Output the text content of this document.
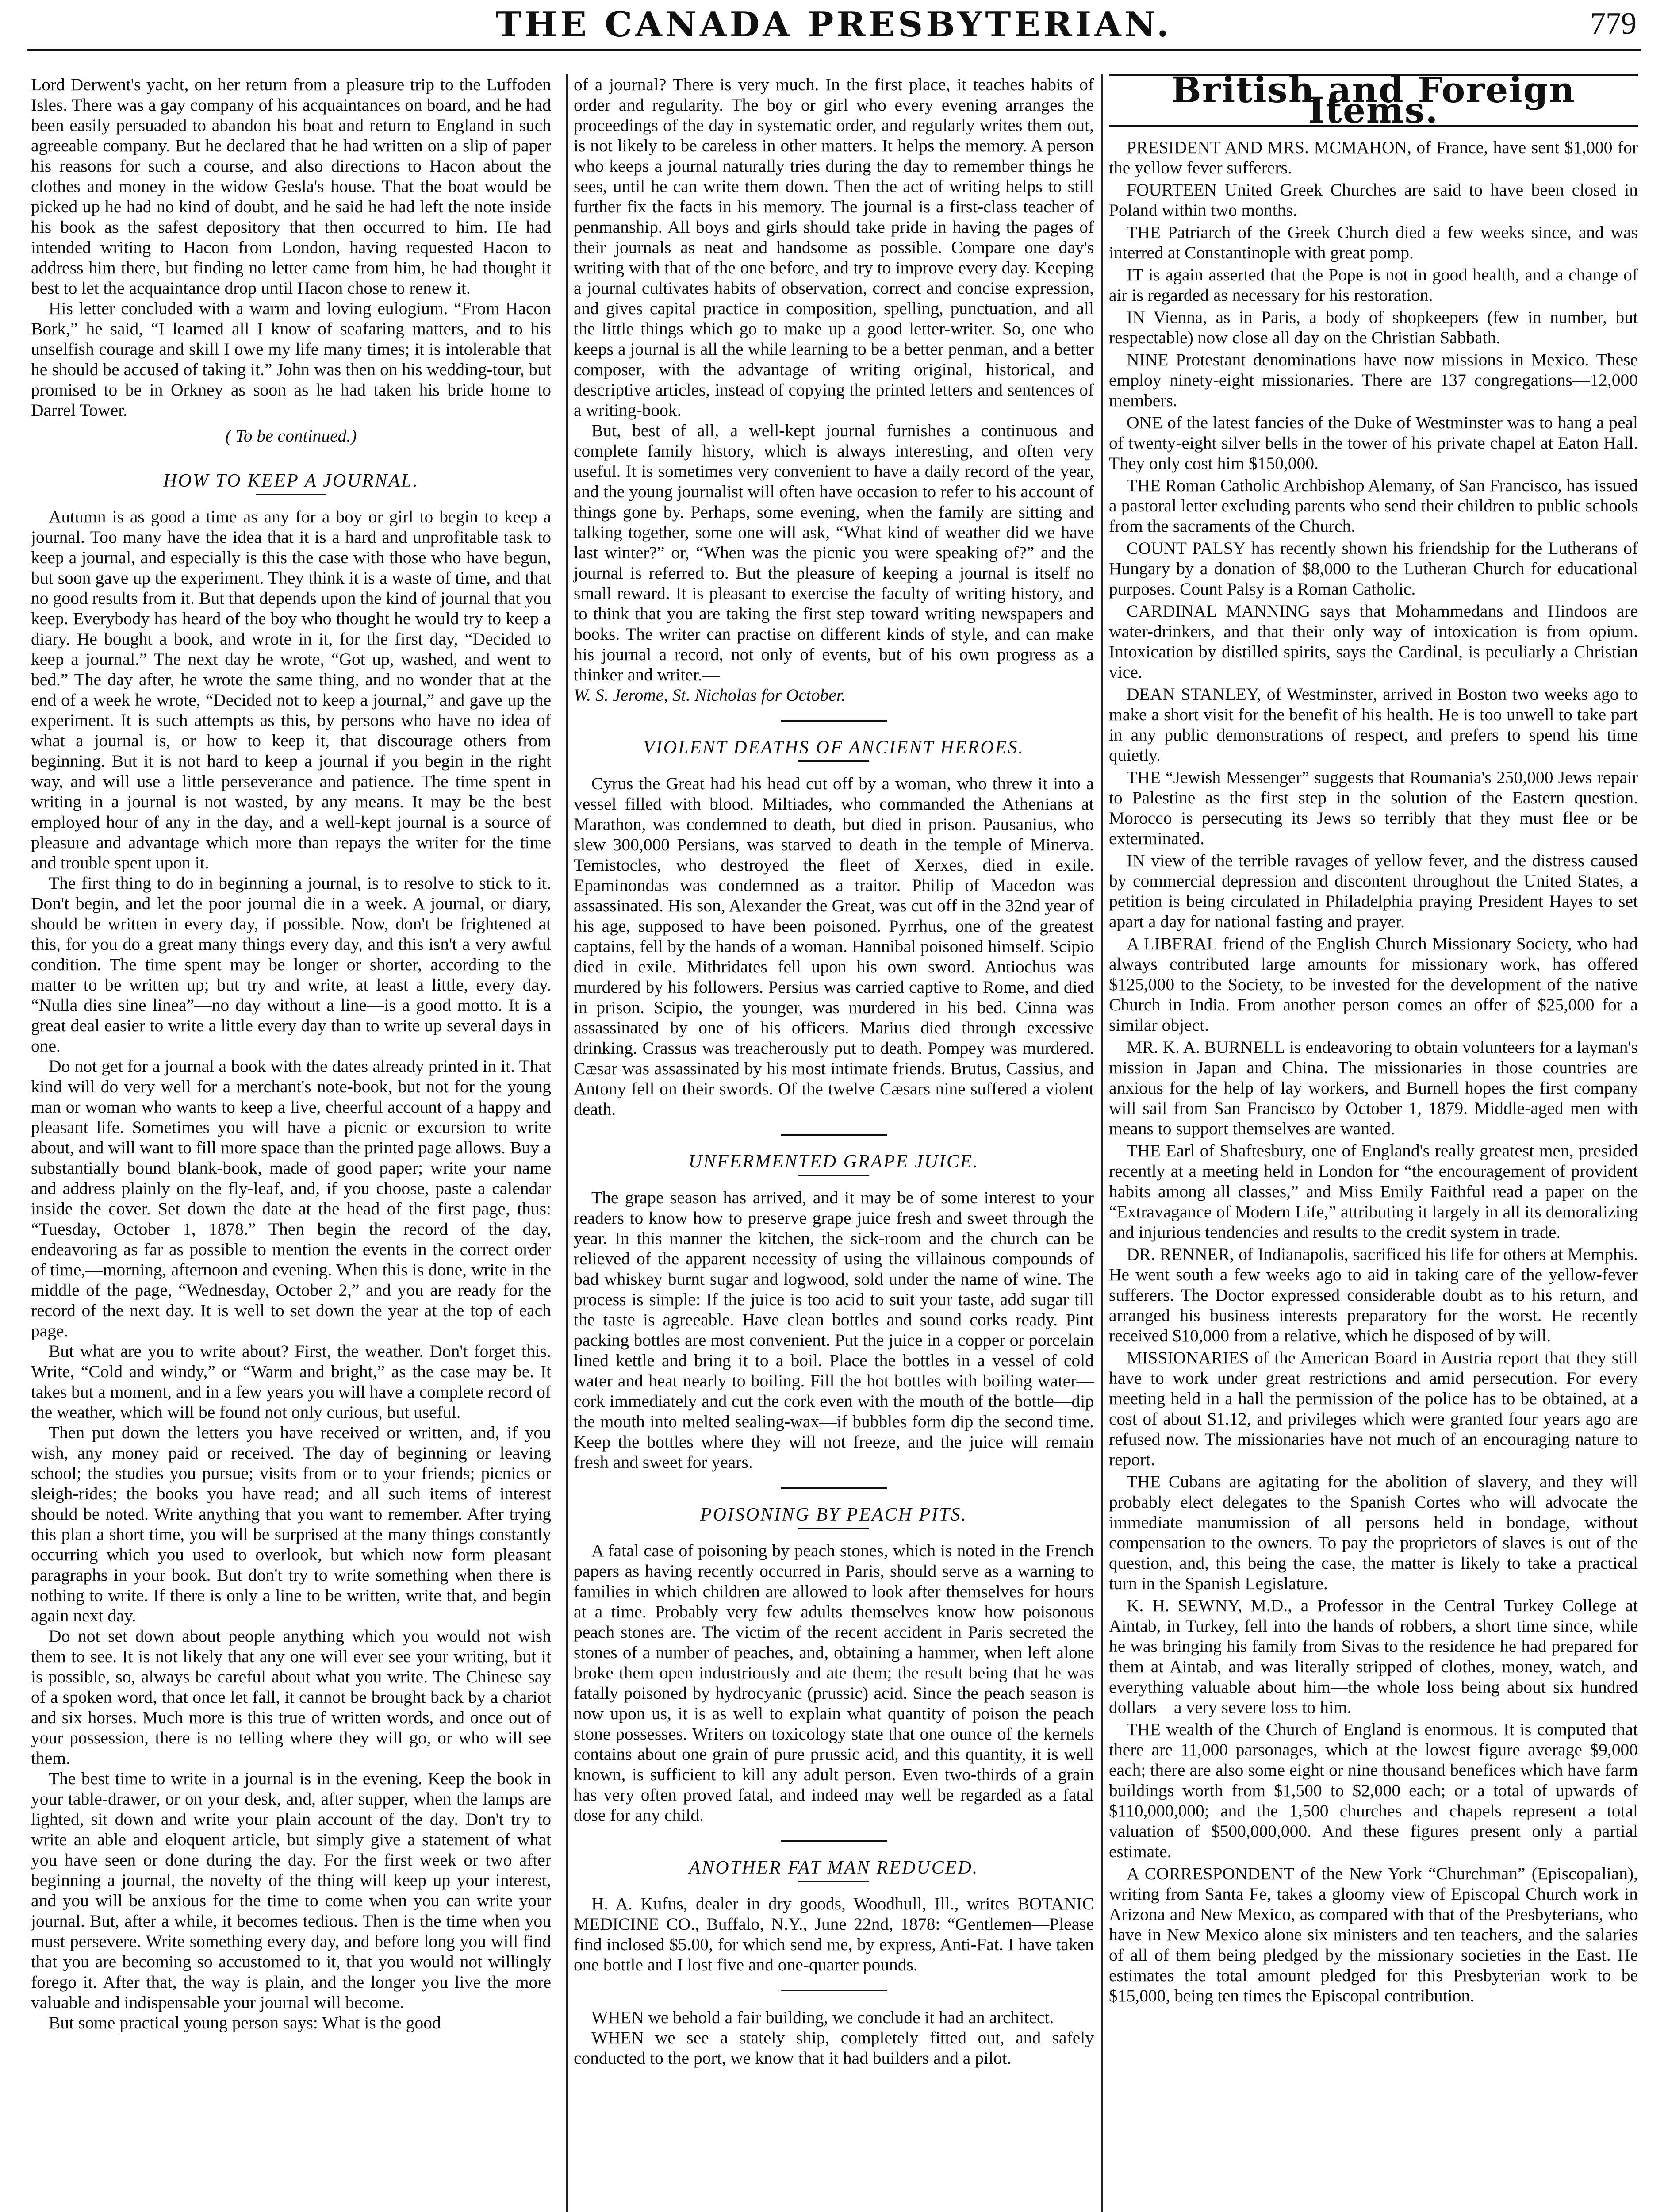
THE CANADA PRESBYTERIAN.	779

Lord Derwent's yacht, on her return from a pleasure trip to the Luffoden Isles. There was a gay company of his acquaintances on board, and he had been easily persuaded to abandon his boat and return to England in such agreeable company. But he declared that he had written on a slip of paper his reasons for such a course, and also directions to Hacon about the clothes and money in the widow Gesla's house. That the boat would be picked up he had no kind of doubt, and he said he had left the note inside his book as the safest depository that then occurred to him. He had intended writing to Hacon from London, having requested Hacon to address him there, but finding no letter came from him, he had thought it best to let the acquaintance drop until Hacon chose to renew it.

His letter concluded with a warm and loving eulogium. “From Hacon Bork,” he said, “I learned all I know of seafaring matters, and to his unselfish courage and skill I owe my life many times; it is intolerable that he should be accused of taking it.” John was then on his wedding-tour, but promised to be in Orkney as soon as he had taken his bride home to Darrel Tower.

( To be continued.)
HOW TO KEEP A JOURNAL.

Autumn is as good a time as any for a boy or girl to begin to keep a journal. Too many have the idea that it is a hard and unprofitable task to keep a journal, and especially is this the case with those who have begun, but soon gave up the experiment. They think it is a waste of time, and that no good results from it. But that depends upon the kind of journal that you keep. Everybody has heard of the boy who thought he would try to keep a diary. He bought a book, and wrote in it, for the first day, “Decided to keep a journal.” The next day he wrote, “Got up, washed, and went to bed.” The day after, he wrote the same thing, and no wonder that at the end of a week he wrote, “Decided not to keep a journal,” and gave up the experiment. It is such attempts as this, by persons who have no idea of what a journal is, or how to keep it, that discourage others from beginning. But it is not hard to keep a journal if you begin in the right way, and will use a little perseverance and patience. The time spent in writing in a journal is not wasted, by any means. It may be the best employed hour of any in the day, and a well-kept journal is a source of pleasure and advantage which more than repays the writer for the time and trouble spent upon it.

The first thing to do in beginning a journal, is to resolve to stick to it. Don't begin, and let the poor journal die in a week. A journal, or diary, should be written in every day, if possible. Now, don't be frightened at this, for you do a great many things every day, and this isn't a very awful condition. The time spent may be longer or shorter, according to the matter to be written up; but try and write, at least a little, every day. “Nulla dies sine linea”—no day without a line—is a good motto. It is a great deal easier to write a little every day than to write up several days in one.

Do not get for a journal a book with the dates already printed in it. That kind will do very well for a merchant's note-book, but not for the young man or woman who wants to keep a live, cheerful account of a happy and pleasant life. Sometimes you will have a picnic or excursion to write about, and will want to fill more space than the printed page allows. Buy a substantially bound blank-book, made of good paper; write your name and address plainly on the fly-leaf, and, if you choose, paste a calendar inside the cover. Set down the date at the head of the first page, thus: “Tuesday, October 1, 1878.” Then begin the record of the day, endeavoring as far as possible to mention the events in the correct order of time,—morning, afternoon and evening. When this is done, write in the middle of the page, “Wednesday, October 2,” and you are ready for the record of the next day. It is well to set down the year at the top of each page.

But what are you to write about? First, the weather. Don't forget this. Write, “Cold and windy,” or “Warm and bright,” as the case may be. It takes but a moment, and in a few years you will have a complete record of the weather, which will be found not only curious, but useful.

Then put down the letters you have received or written, and, if you wish, any money paid or received. The day of beginning or leaving school; the studies you pursue; visits from or to your friends; picnics or sleigh-rides; the books you have read; and all such items of interest should be noted. Write anything that you want to remember. After trying this plan a short time, you will be surprised at the many things constantly occurring which you used to overlook, but which now form pleasant paragraphs in your book. But don't try to write something when there is nothing to write. If there is only a line to be written, write that, and begin again next day.

Do not set down about people anything which you would not wish them to see. It is not likely that any one will ever see your writing, but it is possible, so, always be careful about what you write. The Chinese say of a spoken word, that once let fall, it cannot be brought back by a chariot and six horses. Much more is this true of written words, and once out of your possession, there is no telling where they will go, or who will see them.

The best time to write in a journal is in the evening. Keep the book in your table-drawer, or on your desk, and, after supper, when the lamps are lighted, sit down and write your plain account of the day. Don't try to write an able and eloquent article, but simply give a statement of what you have seen or done during the day. For the first week or two after beginning a journal, the novelty of the thing will keep up your interest, and you will be anxious for the time to come when you can write your journal. But, after a while, it becomes tedious. Then is the time when you must persevere. Write something every day, and before long you will find that you are becoming so accustomed to it, that you would not willingly forego it. After that, the way is plain, and the longer you live the more valuable and indispensable your journal will become.

But some practical young person says: What is the good

of a journal? There is very much. In the first place, it teaches habits of order and regularity. The boy or girl who every evening arranges the proceedings of the day in systematic order, and regularly writes them out, is not likely to be careless in other matters. It helps the memory. A person who keeps a journal naturally tries during the day to remember things he sees, until he can write them down. Then the act of writing helps to still further fix the facts in his memory. The journal is a first-class teacher of penmanship. All boys and girls should take pride in having the pages of their journals as neat and handsome as possible. Compare one day's writing with that of the one before, and try to improve every day. Keeping a journal cultivates habits of observation, correct and concise expression, and gives capital practice in composition, spelling, punctuation, and all the little things which go to make up a good letter-writer. So, one who keeps a journal is all the while learning to be a better penman, and a better composer, with the advantage of writing original, historical, and descriptive articles, instead of copying the printed letters and sentences of a writing-book.

But, best of all, a well-kept journal furnishes a continuous and complete family history, which is always interesting, and often very useful. It is sometimes very convenient to have a daily record of the year, and the young journalist will often have occasion to refer to his account of things gone by. Perhaps, some evening, when the family are sitting and talking together, some one will ask, “What kind of weather did we have last winter?” or, “When was the picnic you were speaking of?” and the journal is referred to. But the pleasure of keeping a journal is itself no small reward. It is pleasant to exercise the faculty of writing history, and to think that you are taking the first step toward writing newspapers and books. The writer can practise on different kinds of style, and can make his journal a record, not only of events, but of his own progress as a thinker and writer.—

W. S. Jerome, St. Nicholas for October.

VIOLENT DEATHS OF ANCIENT HEROES.

Cyrus the Great had his head cut off by a woman, who threw it into a vessel filled with blood. Miltiades, who commanded the Athenians at Marathon, was condemned to death, but died in prison. Pausanius, who slew 300,000 Persians, was starved to death in the temple of Minerva. Temistocles, who destroyed the fleet of Xerxes, died in exile. Epaminondas was condemned as a traitor. Philip of Macedon was assassinated. His son, Alexander the Great, was cut off in the 32nd year of his age, supposed to have been poisoned. Pyrrhus, one of the greatest captains, fell by the hands of a woman. Hannibal poisoned himself. Scipio died in exile. Mithridates fell upon his own sword. Antiochus was murdered by his followers. Persius was carried captive to Rome, and died in prison. Scipio, the younger, was murdered in his bed. Cinna was assassinated by one of his officers. Marius died through excessive drinking. Crassus was treacherously put to death. Pompey was murdered. Cæsar was assassinated by his most intimate friends. Brutus, Cassius, and Antony fell on their swords. Of the twelve Cæsars nine suffered a violent death.

UNFERMENTED GRAPE JUICE.

The grape season has arrived, and it may be of some interest to your readers to know how to preserve grape juice fresh and sweet through the year. In this manner the kitchen, the sick-room and the church can be relieved of the apparent necessity of using the villainous compounds of bad whiskey burnt sugar and logwood, sold under the name of wine. The process is simple: If the juice is too acid to suit your taste, add sugar till the taste is agreeable. Have clean bottles and sound corks ready. Pint packing bottles are most convenient. Put the juice in a copper or porcelain lined kettle and bring it to a boil. Place the bottles in a vessel of cold water and heat nearly to boiling. Fill the hot bottles with boiling water—cork immediately and cut the cork even with the mouth of the bottle—dip the mouth into melted sealing-wax—if bubbles form dip the second time. Keep the bottles where they will not freeze, and the juice will remain fresh and sweet for years.

POISONING BY PEACH PITS.

A fatal case of poisoning by peach stones, which is noted in the French papers as having recently occurred in Paris, should serve as a warning to families in which children are allowed to look after themselves for hours at a time. Probably very few adults themselves know how poisonous peach stones are. The victim of the recent accident in Paris secreted the stones of a number of peaches, and, obtaining a hammer, when left alone broke them open industriously and ate them; the result being that he was fatally poisoned by hydrocyanic (prussic) acid. Since the peach season is now upon us, it is as well to explain what quantity of poison the peach stone possesses. Writers on toxicology state that one ounce of the kernels contains about one grain of pure prussic acid, and this quantity, it is well known, is sufficient to kill any adult person. Even two-thirds of a grain has very often proved fatal, and indeed may well be regarded as a fatal dose for any child.

ANOTHER FAT MAN REDUCED.

H. A. Kufus, dealer in dry goods, Woodhull, Ill., writes BOTANIC MEDICINE CO., Buffalo, N.Y., June 22nd, 1878: “Gentlemen—Please find inclosed $5.00, for which send me, by express, Anti-Fat. I have taken one bottle and I lost five and one-quarter pounds.

WHEN we behold a fair building, we conclude it had an architect.

WHEN we see a stately ship, completely fitted out, and safely conducted to the port, we know that it had builders and a pilot.

British and Foreign Items.

PRESIDENT AND MRS. MCMAHON, of France, have sent $1,000 for the yellow fever sufferers.

FOURTEEN United Greek Churches are said to have been closed in Poland within two months.

THE Patriarch of the Greek Church died a few weeks since, and was interred at Constantinople with great pomp.

IT is again asserted that the Pope is not in good health, and a change of air is regarded as necessary for his restoration.

IN Vienna, as in Paris, a body of shopkeepers (few in number, but respectable) now close all day on the Christian Sabbath.

NINE Protestant denominations have now missions in Mexico. These employ ninety-eight missionaries. There are 137 congregations—12,000 members.

ONE of the latest fancies of the Duke of Westminster was to hang a peal of twenty-eight silver bells in the tower of his private chapel at Eaton Hall. They only cost him $150,000.

THE Roman Catholic Archbishop Alemany, of San Francisco, has issued a pastoral letter excluding parents who send their children to public schools from the sacraments of the Church.

COUNT PALSY has recently shown his friendship for the Lutherans of Hungary by a donation of $8,000 to the Lutheran Church for educational purposes. Count Palsy is a Roman Catholic.

CARDINAL MANNING says that Mohammedans and Hindoos are water-drinkers, and that their only way of intoxication is from opium. Intoxication by distilled spirits, says the Cardinal, is peculiarly a Christian vice.

DEAN STANLEY, of Westminster, arrived in Boston two weeks ago to make a short visit for the benefit of his health. He is too unwell to take part in any public demonstrations of respect, and prefers to spend his time quietly.

THE “Jewish Messenger” suggests that Roumania's 250,000 Jews repair to Palestine as the first step in the solution of the Eastern question. Morocco is persecuting its Jews so terribly that they must flee or be exterminated.

IN view of the terrible ravages of yellow fever, and the distress caused by commercial depression and discontent throughout the United States, a petition is being circulated in Philadelphia praying President Hayes to set apart a day for national fasting and prayer.

A LIBERAL friend of the English Church Missionary Society, who had always contributed large amounts for missionary work, has offered $125,000 to the Society, to be invested for the development of the native Church in India. From another person comes an offer of $25,000 for a similar object.

MR. K. A. BURNELL is endeavoring to obtain volunteers for a layman's mission in Japan and China. The missionaries in those countries are anxious for the help of lay workers, and Burnell hopes the first company will sail from San Francisco by October 1, 1879. Middle-aged men with means to support themselves are wanted.

THE Earl of Shaftesbury, one of England's really greatest men, presided recently at a meeting held in London for “the encouragement of provident habits among all classes,” and Miss Emily Faithful read a paper on the “Extravagance of Modern Life,” attributing it largely in all its demoralizing and injurious tendencies and results to the credit system in trade.

DR. RENNER, of Indianapolis, sacrificed his life for others at Memphis. He went south a few weeks ago to aid in taking care of the yellow-fever sufferers. The Doctor expressed considerable doubt as to his return, and arranged his business interests preparatory for the worst. He recently received $10,000 from a relative, which he disposed of by will.

MISSIONARIES of the American Board in Austria report that they still have to work under great restrictions and amid persecution. For every meeting held in a hall the permission of the police has to be obtained, at a cost of about $1.12, and privileges which were granted four years ago are refused now. The missionaries have not much of an encouraging nature to report.

THE Cubans are agitating for the abolition of slavery, and they will probably elect delegates to the Spanish Cortes who will advocate the immediate manumission of all persons held in bondage, without compensation to the owners. To pay the proprietors of slaves is out of the question, and, this being the case, the matter is likely to take a practical turn in the Spanish Legislature.

K. H. SEWNY, M.D., a Professor in the Central Turkey College at Aintab, in Turkey, fell into the hands of robbers, a short time since, while he was bringing his family from Sivas to the residence he had prepared for them at Aintab, and was literally stripped of clothes, money, watch, and everything valuable about him—the whole loss being about six hundred dollars—a very severe loss to him.

THE wealth of the Church of England is enormous. It is computed that there are 11,000 parsonages, which at the lowest figure average $9,000 each; there are also some eight or nine thousand benefices which have farm buildings worth from $1,500 to $2,000 each; or a total of upwards of $110,000,000; and the 1,500 churches and chapels represent a total valuation of $500,000,000. And these figures present only a partial estimate.

A CORRESPONDENT of the New York “Churchman” (Episcopalian), writing from Santa Fe, takes a gloomy view of Episcopal Church work in Arizona and New Mexico, as compared with that of the Presbyterians, who have in New Mexico alone six ministers and ten teachers, and the salaries of all of them being pledged by the missionary societies in the East. He estimates the total amount pledged for this Presbyterian work to be $15,000, being ten times the Episcopal contribution.
